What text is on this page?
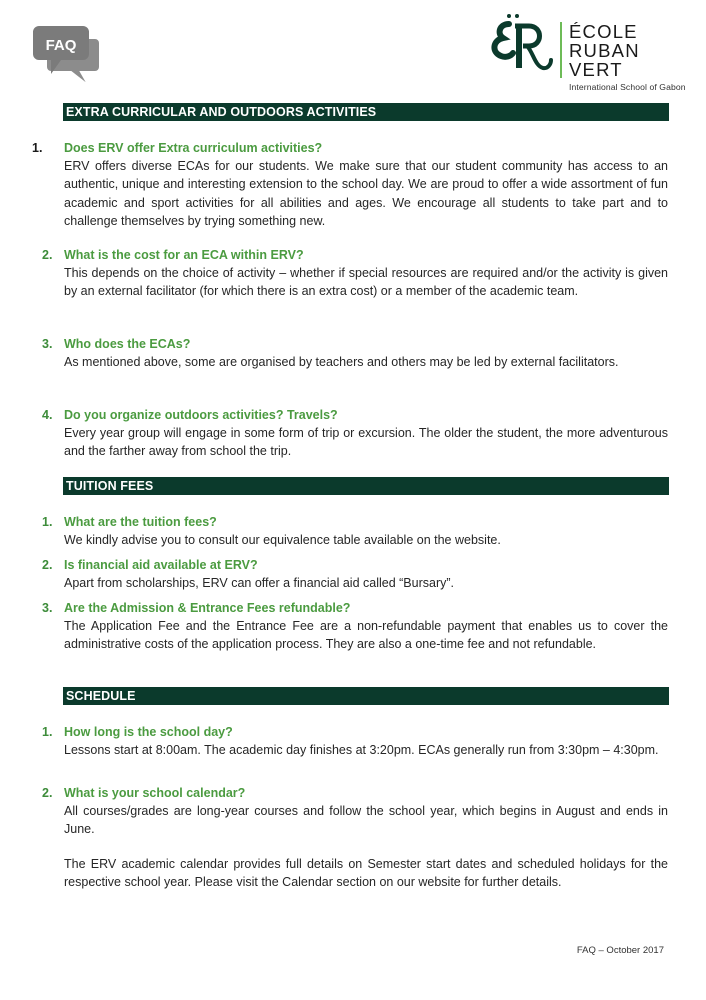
FAQ
ÉCOLE
RUBAN VERT
International School of Gabon
EXTRA CURRICULAR AND OUTDOORS ACTIVITIES
1. Does ERV offer Extra curriculum activities?
ERV offers diverse ECAs for our students. We make sure that our student community has access to an authentic, unique and interesting extension to the school day. We are proud to offer a wide assortment of fun academic and sport activities for all abilities and ages. We encourage all students to take part and to challenge themselves by trying something new.
2. What is the cost for an ECA within ERV?
This depends on the choice of activity – whether if special resources are required and/or the activity is given by an external facilitator (for which there is an extra cost) or a member of the academic team.
3. Who does the ECAs?
As mentioned above, some are organised by teachers and others may be led by external facilitators.
4. Do you organize outdoors activities? Travels?
Every year group will engage in some form of trip or excursion. The older the student, the more adventurous and the farther away from school the trip.
TUITION FEES
1. What are the tuition fees?
We kindly advise you to consult our equivalence table available on the website.
2. Is financial aid available at ERV?
Apart from scholarships, ERV can offer a financial aid called “Bursary”.
3. Are the Admission & Entrance Fees refundable?
The Application Fee and the Entrance Fee are a non-refundable payment that enables us to cover the administrative costs of the application process. They are also a one-time fee and not refundable.
SCHEDULE
1. How long is the school day?
Lessons start at 8:00am. The academic day finishes at 3:20pm. ECAs generally run from 3:30pm – 4:30pm.
2. What is your school calendar?
All courses/grades are long-year courses and follow the school year, which begins in August and ends in June.
The ERV academic calendar provides full details on Semester start dates and scheduled holidays for the respective school year. Please visit the Calendar section on our website for further details.
FAQ – October 2017
